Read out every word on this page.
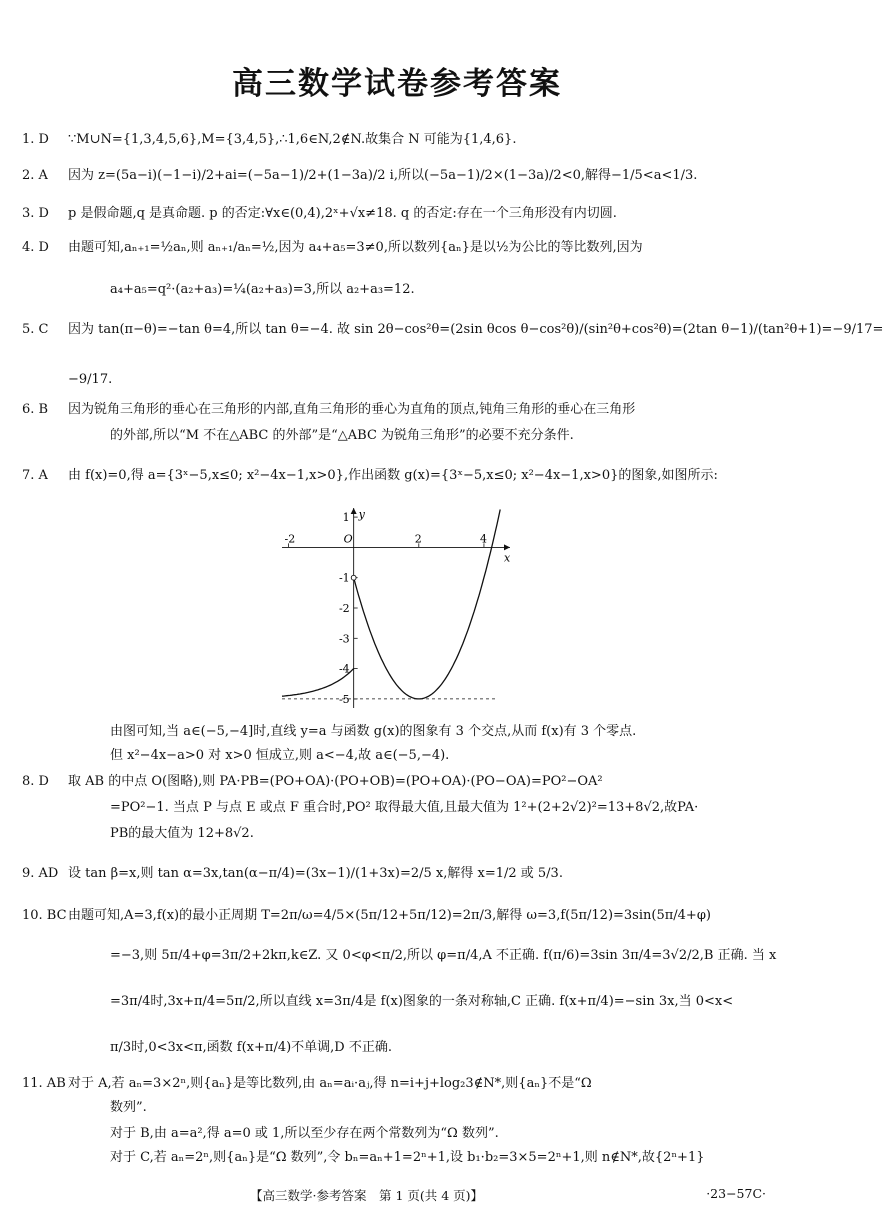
高三数学试卷参考答案
1. D ∵M∪N={1,3,4,5,6},M={3,4,5},∴1,6∈N,2∉N.故集合 N 可能为{1,4,6}.
2. A 因为 z=(5a−i)(−1−i)/2+ai=(−5a−1)/2+(1−3a)/2 i,所以(−5a−1)/2×(1−3a)/2<0,解得−1/5<a<1/3.
3. D p 是假命题,q 是真命题. p 的否定:∀x∈(0,4),2ˣ+√x≠18. q 的否定:存在一个三角形没有内切圆.
4. D 由题可知,aₙ₊₁=½aₙ,则 aₙ₊₁/aₙ=½,因为 a₄+a₅=3≠0,所以数列{aₙ}是以½为公比的等比数列,因为
a₄+a₅=q²·(a₂+a₃)=¼(a₂+a₃)=3,所以 a₂+a₃=12.
5. C 因为 tan(π−θ)=−tan θ=4,所以 tan θ=−4. 故 sin 2θ−cos²θ=(2sin θcos θ−cos²θ)/(sin²θ+cos²θ)=(2tan θ−1)/(tan²θ+1)=−9/17=
−9/17.
6. B 因为锐角三角形的垂心在三角形的内部,直角三角形的垂心为直角的顶点,钝角三角形的垂心在三角形
的外部,所以“M 不在△ABC 的外部”是“△ABC 为锐角三角形”的必要不充分条件.
7. A 由 f(x)=0,得 a={3ˣ−5,x≤0; x²−4x−1,x>0},作出函数 g(x)={3ˣ−5,x≤0; x²−4x−1,x>0}的图象,如图所示:
x
y
-2	O	2	4
1
-1
-2
-3
-4
-5
由图可知,当 a∈(−5,−4]时,直线 y=a 与函数 g(x)的图象有 3 个交点,从而 f(x)有 3 个零点.
但 x²−4x−a>0 对 x>0 恒成立,则 a<−4,故 a∈(−5,−4).
8. D 取 AB 的中点 O(图略),则 PA·PB=(PO+OA)·(PO+OB)=(PO+OA)·(PO−OA)=PO²−OA²
=PO²−1. 当点 P 与点 E 或点 F 重合时,PO² 取得最大值,且最大值为 1²+(2+2√2)²=13+8√2,故PA·
PB的最大值为 12+8√2.
9. AD 设 tan β=x,则 tan α=3x,tan(α−π/4)=(3x−1)/(1+3x)=2/5 x,解得 x=1/2 或 5/3.
10. BC由题可知,A=3,f(x)的最小正周期 T=2π/ω=4/5×(5π/12+5π/12)=2π/3,解得 ω=3,f(5π/12)=3sin(5π/4+φ)
=−3,则 5π/4+φ=3π/2+2kπ,k∈Z. 又 0<φ<π/2,所以 φ=π/4,A 不正确. f(π/6)=3sin 3π/4=3√2/2,B 正确. 当 x
=3π/4时,3x+π/4=5π/2,所以直线 x=3π/4是 f(x)图象的一条对称轴,C 正确. f(x+π/4)=−sin 3x,当 0<x<
π/3时,0<3x<π,函数 f(x+π/4)不单调,D 不正确.
11. AB 对于 A,若 aₙ=3×2ⁿ,则{aₙ}是等比数列,由 aₙ=aᵢ·aⱼ,得 n=i+j+log₂3∉N*,则{aₙ}不是“Ω
数列”.
对于 B,由 a=a²,得 a=0 或 1,所以至少存在两个常数列为“Ω 数列”.
对于 C,若 aₙ=2ⁿ,则{aₙ}是“Ω 数列”,令 bₙ=aₙ+1=2ⁿ+1,设 b₁·b₂=3×5=2ⁿ+1,则 n∉N*,故{2ⁿ+1}
【高三数学·参考答案　第 1 页(共 4 页)】	·23−57C·
